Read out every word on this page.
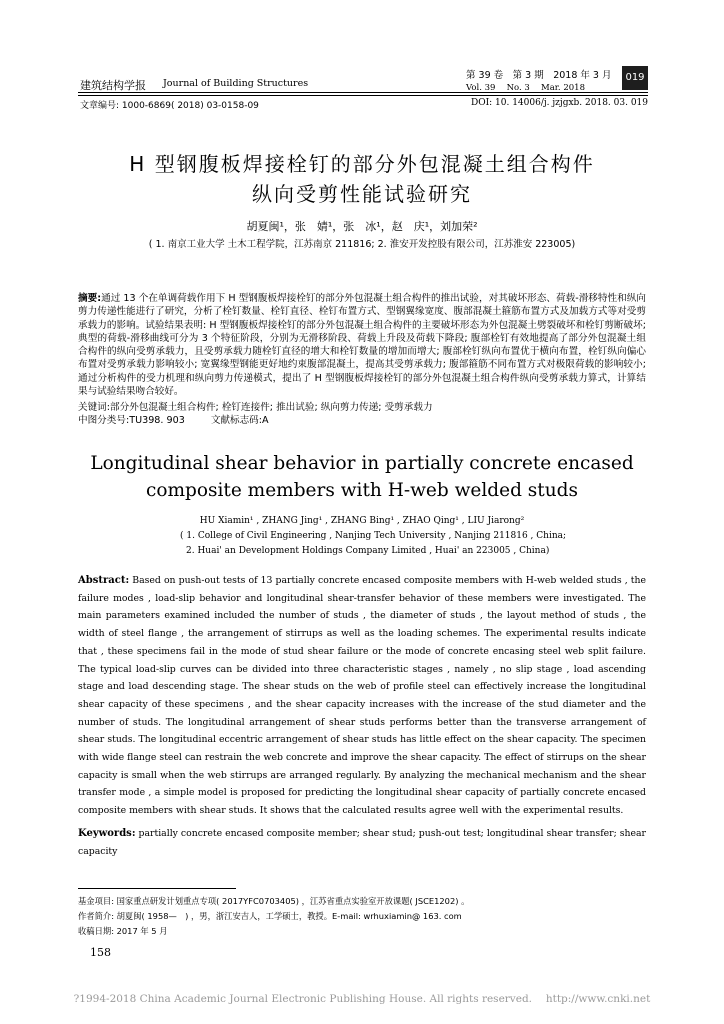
建筑结构学报 Journal of Building Structures
第 39 卷　第 3 期　2018 年 3 月
Vol. 39　 No. 3　 Mar. 2018
019
文章编号: 1000-6869( 2018) 03-0158-09	DOI: 10. 14006/j. jzjgxb. 2018. 03. 019
H 型钢腹板焊接栓钉的部分外包混凝土组合构件
纵向受剪性能试验研究
胡夏闽¹，张　婧¹，张　冰¹，赵　庆¹，刘加荣²
( 1. 南京工业大学 土木工程学院，江苏南京 211816; 2. 淮安开发控股有限公司，江苏淮安 223005)
摘要:通过 13 个在单调荷载作用下 H 型钢腹板焊接栓钉的部分外包混凝土组合构件的推出试验，对其破坏形态、荷载-滑移特性和纵向剪力传递性能进行了研究，分析了栓钉数量、栓钉直径、栓钉布置方式、型钢翼缘宽度、腹部混凝土箍筋布置方式及加载方式等对受剪承载力的影响。试验结果表明: H 型钢腹板焊接栓钉的部分外包混凝土组合构件的主要破坏形态为外包混凝土劈裂破坏和栓钉剪断破坏; 典型的荷载-滑移曲线可分为 3 个特征阶段，分别为无滑移阶段、荷载上升段及荷载下降段; 腹部栓钉有效地提高了部分外包混凝土组合构件的纵向受剪承载力，且受剪承载力随栓钉直径的增大和栓钉数量的增加而增大; 腹部栓钉纵向布置优于横向布置，栓钉纵向偏心布置对受剪承载力影响较小; 宽翼缘型钢能更好地约束腹部混凝土，提高其受剪承载力; 腹部箍筋不同布置方式对极限荷载的影响较小; 通过分析构件的受力机理和纵向剪力传递模式，提出了 H 型钢腹板焊接栓钉的部分外包混凝土组合构件纵向受剪承载力算式，计算结果与试验结果吻合较好。
关键词:部分外包混凝土组合构件; 栓钉连接件; 推出试验; 纵向剪力传递; 受剪承载力
中图分类号:TU398. 903	文献标志码:A
Longitudinal shear behavior in partially concrete encased
composite members with H-web welded studs
HU Xiamin¹ , ZHANG Jing¹ , ZHANG Bing¹ , ZHAO Qing¹ , LIU Jiarong²
( 1. College of Civil Engineering , Nanjing Tech University , Nanjing 211816 , China;
2. Huai' an Development Holdings Company Limited , Huai' an 223005 , China)
Abstract: Based on push-out tests of 13 partially concrete encased composite members with H-web welded studs , the failure modes , load-slip behavior and longitudinal shear-transfer behavior of these members were investigated. The main parameters examined included the number of studs , the diameter of studs , the layout method of studs , the width of steel flange , the arrangement of stirrups as well as the loading schemes. The experimental results indicate that , these specimens fail in the mode of stud shear failure or the mode of concrete encasing steel web split failure. The typical load-slip curves can be divided into three characteristic stages , namely , no slip stage , load ascending stage and load descending stage. The shear studs on the web of profile steel can effectively increase the longitudinal shear capacity of these specimens , and the shear capacity increases with the increase of the stud diameter and the number of studs. The longitudinal arrangement of shear studs performs better than the transverse arrangement of shear studs. The longitudinal eccentric arrangement of shear studs has little effect on the shear capacity. The specimen with wide flange steel can restrain the web concrete and improve the shear capacity. The effect of stirrups on the shear capacity is small when the web stirrups are arranged regularly. By analyzing the mechanical mechanism and the shear transfer mode , a simple model is proposed for predicting the longitudinal shear capacity of partially concrete encased composite members with shear studs. It shows that the calculated results agree well with the experimental results.
Keywords: partially concrete encased composite member; shear stud; push-out test; longitudinal shear transfer; shear capacity
基金项目: 国家重点研发计划重点专项( 2017YFC0703405) ，江苏省重点实验室开放课题( JSCE1202) 。
作者简介: 胡夏闽( 1958—　) ，男，浙江安吉人，工学硕士，教授。E-mail: wrhuxiamin@ 163. com
收稿日期: 2017 年 5 月
158
?1994-2018 China Academic Journal Electronic Publishing House. All rights reserved.　 http://www.cnki.net
